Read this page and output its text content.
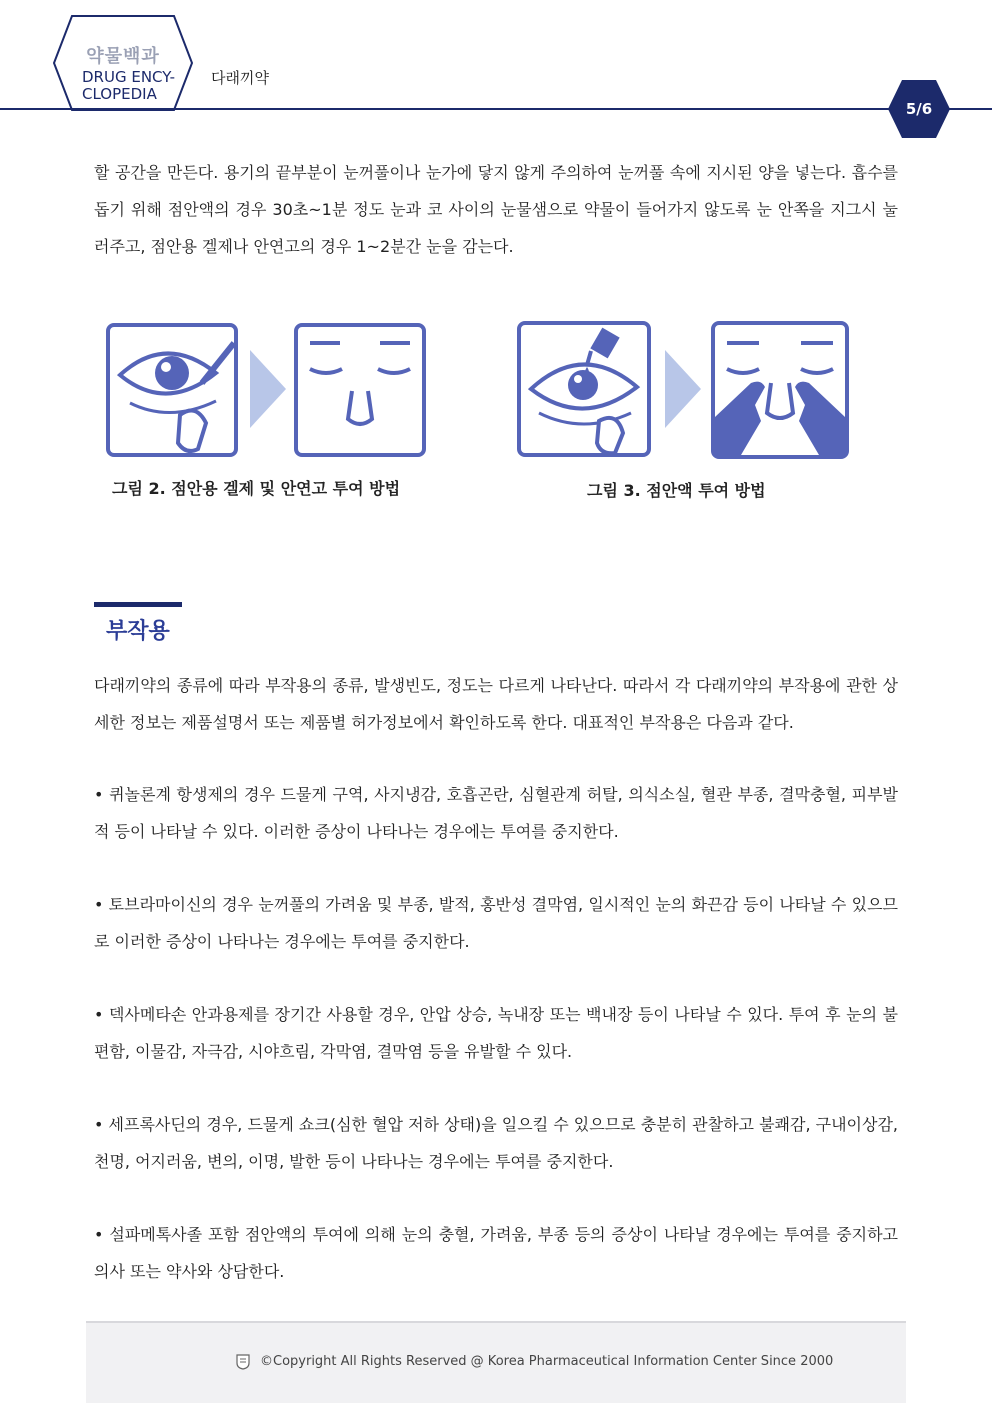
약물백과
DRUG ENCY-
CLOPEDIA
다래끼약
5/6

할 공간을 만든다. 용기의 끝부분이 눈꺼풀이나 눈가에 닿지 않게 주의하여 눈꺼풀 속에 지시된 양을 넣는다. 흡수를 돕기 위해 점안액의 경우 30초~1분 정도 눈과 코 사이의 눈물샘으로 약물이 들어가지 않도록 눈 안쪽을 지그시 눌러주고, 점안용 겔제나 안연고의 경우 1~2분간 눈을 감는다.

그림 2. 점안용 겔제 및 안연고 투여 방법	그림 3. 점안액 투여 방법
부작용

다래끼약의 종류에 따라 부작용의 종류, 발생빈도, 정도는 다르게 나타난다. 따라서 각 다래끼약의 부작용에 관한 상세한 정보는 제품설명서 또는 제품별 허가정보에서 확인하도록 한다. 대표적인 부작용은 다음과 같다.

• 퀴놀론계 항생제의 경우 드물게 구역, 사지냉감, 호흡곤란, 심혈관계 허탈, 의식소실, 혈관 부종, 결막충혈, 피부발적 등이 나타날 수 있다. 이러한 증상이 나타나는 경우에는 투여를 중지한다.

• 토브라마이신의 경우 눈꺼풀의 가려움 및 부종, 발적, 홍반성 결막염, 일시적인 눈의 화끈감 등이 나타날 수 있으므로 이러한 증상이 나타나는 경우에는 투여를 중지한다.

• 덱사메타손 안과용제를 장기간 사용할 경우, 안압 상승, 녹내장 또는 백내장 등이 나타날 수 있다. 투여 후 눈의 불편함, 이물감, 자극감, 시야흐림, 각막염, 결막염 등을 유발할 수 있다.

• 세프록사딘의 경우, 드물게 쇼크(심한 혈압 저하 상태)을 일으킬 수 있으므로 충분히 관찰하고 불쾌감, 구내이상감, 천명, 어지러움, 변의, 이명, 발한 등이 나타나는 경우에는 투여를 중지한다.

• 설파메톡사졸 포함 점안액의 투여에 의해 눈의 충혈, 가려움, 부종 등의 증상이 나타날 경우에는 투여를 중지하고 의사 또는 약사와 상담한다.

©Copyright All Rights Reserved @ Korea Pharmaceutical Information Center Since 2000
